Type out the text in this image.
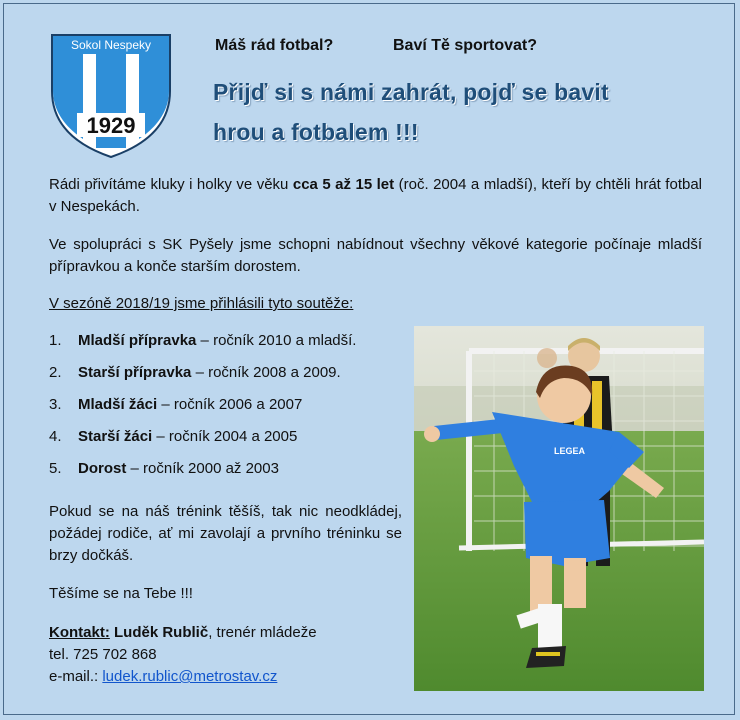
Sokol Nespeky
1929
Máš rád fotbal?	Baví Tě sportovat?
Přijď si s námi zahrát, pojď se bavit
hrou a fotbalem !!!
Rádi přivítáme kluky i holky ve věku cca 5 až 15 let (roč. 2004 a mladší), kteří by chtěli hrát fotbal v Nespekách.
Ve spolupráci s SK Pyšely jsme schopni nabídnout všechny věkové kategorie počínaje mladší přípravkou a konče starším dorostem.
V sezóně 2018/19 jsme přihlásili tyto soutěže:
1.	Mladší přípravka – ročník 2010 a mladší.
2.	Starší přípravka – ročník 2008 a 2009.
3.	Mladší žáci – ročník 2006 a 2007
4.	Starší žáci – ročník 2004 a 2005
5.	Dorost – ročník 2000 až 2003
Pokud se na náš trénink těšíš, tak nic neodkládej, požádej rodiče, ať mi zavolají a prvního tréninku se brzy dočkáš.
Těšíme se na Tebe !!!
Kontakt: Luděk Rublič, trenér mládeže
tel. 725 702 868
e-mail.: ludek.rublic@metrostav.cz
LEGEA
